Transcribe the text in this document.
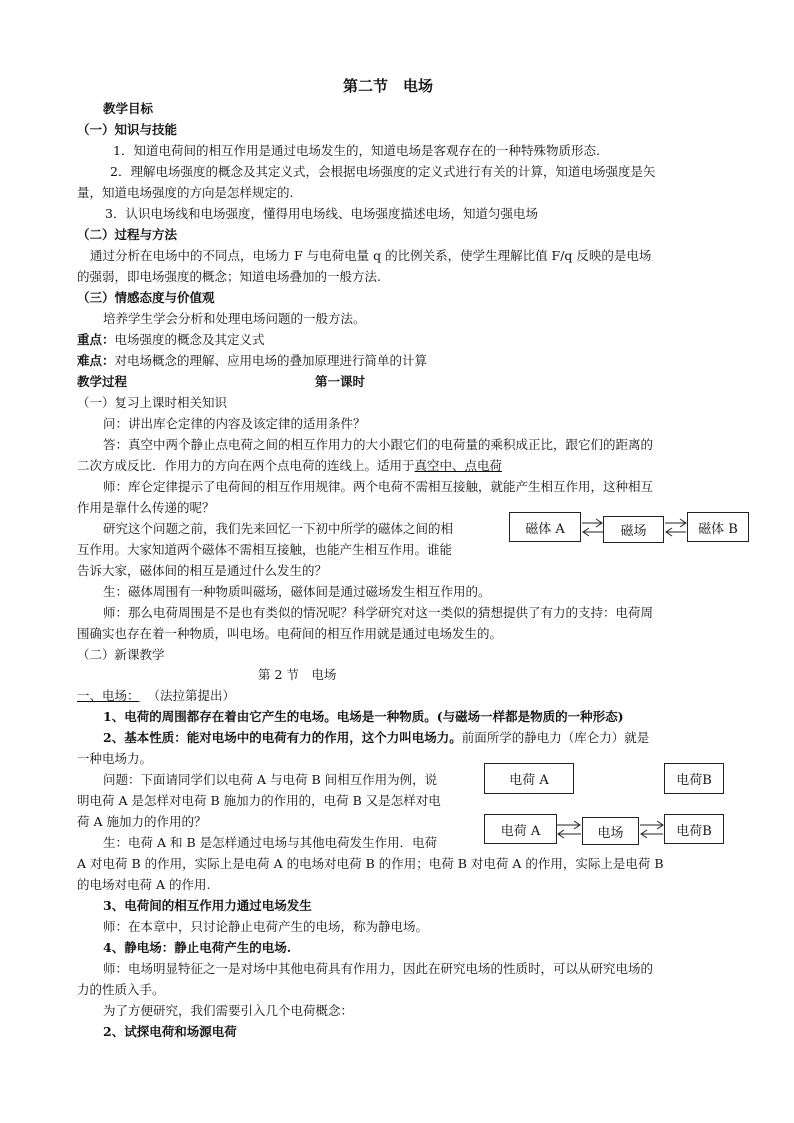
第二节　电场
教学目标
（一）知识与技能
1．知道电荷间的相互作用是通过电场发生的，知道电场是客观存在的一种特殊物质形态.
2．理解电场强度的概念及其定义式，会根据电场强度的定义式进行有关的计算，知道电场强度是矢
量，知道电场强度的方向是怎样规定的.
3．认识电场线和电场强度，懂得用电场线、电场强度描述电场，知道匀强电场
（二）过程与方法
通过分析在电场中的不同点，电场力 F 与电荷电量 q 的比例关系，使学生理解比值 F/q 反映的是电场
的强弱，即电场强度的概念；知道电场叠加的一般方法.
（三）情感态度与价值观
培养学生学会分析和处理电场问题的一般方法。
重点：电场强度的概念及其定义式
难点：对电场概念的理解、应用电场的叠加原理进行简单的计算
教学过程	第一课时
（一）复习上课时相关知识
问：讲出库仑定律的内容及该定律的适用条件？
答：真空中两个静止点电荷之间的相互作用力的大小跟它们的电荷量的乘积成正比，跟它们的距离的
二次方成反比．作用力的方向在两个点电荷的连线上。适用于真空中、点电荷
师：库仑定律提示了电荷间的相互作用规律。两个电荷不需相互接触，就能产生相互作用，这种相互
作用是靠什么传递的呢？
研究这个问题之前，我们先来回忆一下初中所学的磁体之间的相
互作用。大家知道两个磁体不需相互接触，也能产生相互作用。谁能
告诉大家，磁体间的相互是通过什么发生的？
磁体 A	磁场	磁体 B
生：磁体周围有一种物质叫磁场，磁体间是通过磁场发生相互作用的。
师：那么电荷周围是不是也有类似的情况呢？科学研究对这一类似的猜想提供了有力的支持：电荷周
围确实也存在着一种物质，叫电场。电荷间的相互作用就是通过电场发生的。
（二）新课教学
第 2 节　电场
一、电场： （法拉第提出）
1、电荷的周围都存在着由它产生的电场。电场是一种物质。(与磁场一样都是物质的一种形态)
2、基本性质：能对电场中的电荷有力的作用，这个力叫电场力。前面所学的静电力（库仑力）就是
一种电场力。
问题：下面请同学们以电荷 A 与电荷 B 间相互作用为例，说
明电荷 A 是怎样对电荷 B 施加力的作用的，电荷 B 又是怎样对电
荷 A 施加力的作用的？
生：电荷 A 和 B 是怎样通过电场与其他电荷发生作用．电荷
A 对电荷 B 的作用，实际上是电荷 A 的电场对电荷 B 的作用；电荷 B 对电荷 A 的作用，实际上是电荷 B
的电场对电荷 A 的作用.
电荷 A	电荷B
电荷 A	电场	电荷B
3、电荷间的相互作用力通过电场发生
师：在本章中，只讨论静止电荷产生的电场，称为静电场。
4、静电场：静止电荷产生的电场.
师：电场明显特征之一是对场中其他电荷具有作用力，因此在研究电场的性质时，可以从研究电场的
力的性质入手。
为了方便研究，我们需要引入几个电荷概念：
2、试探电荷和场源电荷
